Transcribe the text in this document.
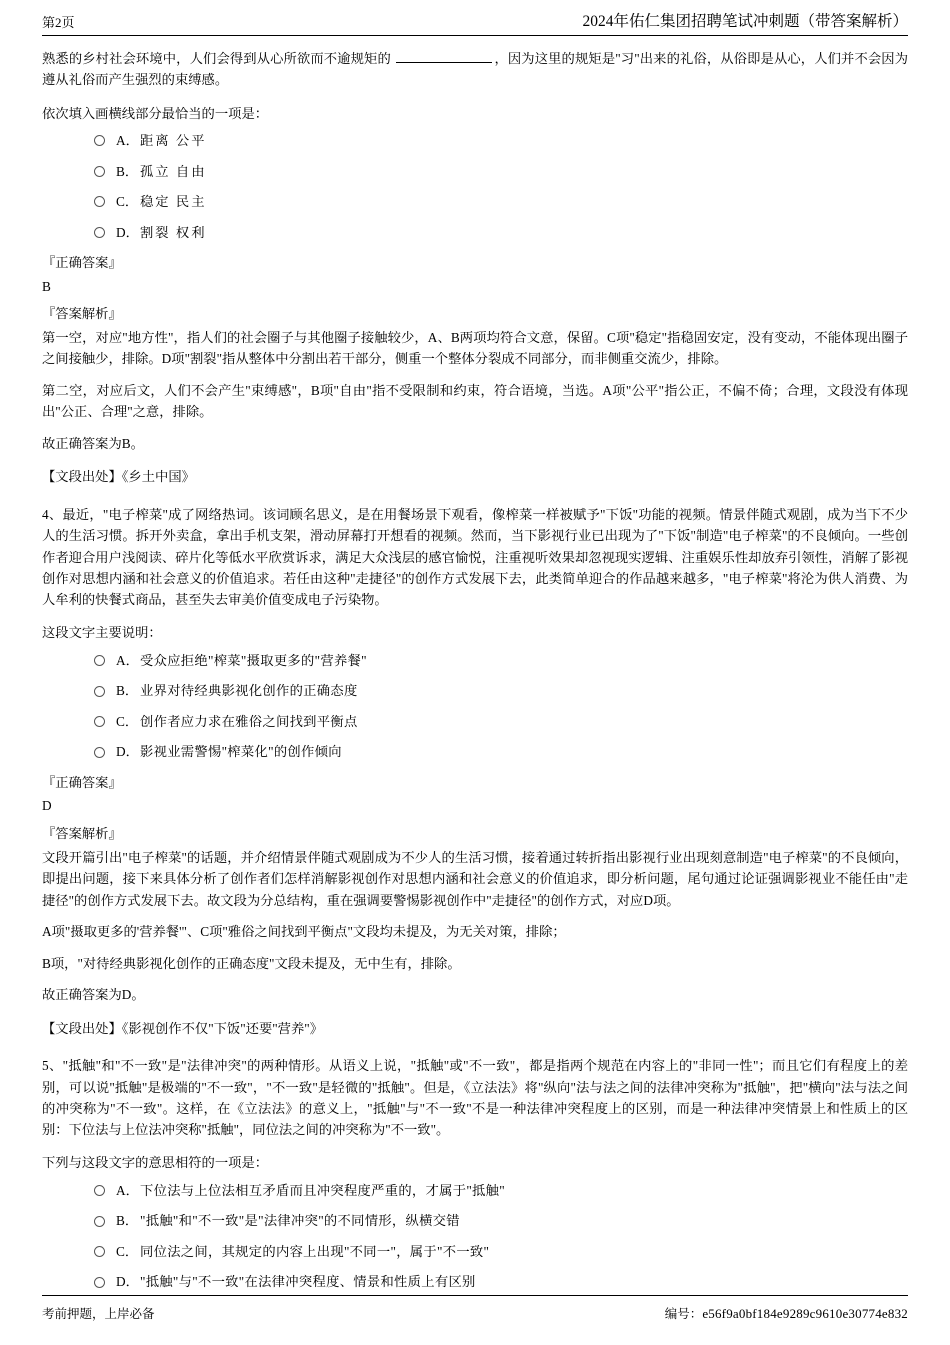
第2页	2024年佑仁集团招聘笔试冲刺题（带答案解析）

熟悉的乡村社会环境中，人们会得到从心所欲而不逾规矩的	，因为这里的规矩是"习"出来的礼俗，从俗即是从心，人们并不会因为遵从礼俗而产生强烈的束缚感。

依次填入画横线部分最恰当的一项是：

A． 距离 公平
B． 孤立 自由
C． 稳定 民主
D． 割裂 权利

『正确答案』

B

『答案解析』

第一空，对应"地方性"，指人们的社会圈子与其他圈子接触较少，A、B两项均符合文意，保留。C项"稳定"指稳固安定，没有变动，不能体现出圈子之间接触少，排除。D项"割裂"指从整体中分割出若干部分，侧重一个整体分裂成不同部分，而非侧重交流少，排除。

第二空，对应后文，人们不会产生"束缚感"，B项"自由"指不受限制和约束，符合语境，当选。A项"公平"指公正，不偏不倚；合理，文段没有体现出"公正、合理"之意，排除。

故正确答案为B。

【文段出处】《乡土中国》

4、最近，"电子榨菜"成了网络热词。该词顾名思义，是在用餐场景下观看，像榨菜一样被赋予"下饭"功能的视频。情景伴随式观剧，成为当下不少人的生活习惯。拆开外卖盒，拿出手机支架，滑动屏幕打开想看的视频。然而，当下影视行业已出现为了"下饭"制造"电子榨菜"的不良倾向。一些创作者迎合用户浅阅读、碎片化等低水平欣赏诉求，满足大众浅层的感官愉悦，注重视听效果却忽视现实逻辑、注重娱乐性却放弃引领性，消解了影视创作对思想内涵和社会意义的价值追求。若任由这种"走捷径"的创作方式发展下去，此类简单迎合的作品越来越多，"电子榨菜"将沦为供人消费、为人牟利的快餐式商品，甚至失去审美价值变成电子污染物。

这段文字主要说明：

A． 受众应拒绝"榨菜"摄取更多的"营养餐"
B． 业界对待经典影视化创作的正确态度
C． 创作者应力求在雅俗之间找到平衡点
D． 影视业需警惕"榨菜化"的创作倾向

『正确答案』

D

『答案解析』

文段开篇引出"电子榨菜"的话题，并介绍情景伴随式观剧成为不少人的生活习惯，接着通过转折指出影视行业出现刻意制造"电子榨菜"的不良倾向，即提出问题，接下来具体分析了创作者们怎样消解影视创作对思想内涵和社会意义的价值追求，即分析问题，尾句通过论证强调影视业不能任由"走捷径"的创作方式发展下去。故文段为分总结构，重在强调要警惕影视创作中"走捷径"的创作方式，对应D项。

A项"摄取更多的'营养餐'"、C项"雅俗之间找到平衡点"文段均未提及，为无关对策，排除；

B项，"对待经典影视化创作的正确态度"文段未提及，无中生有，排除。

故正确答案为D。

【文段出处】《影视创作不仅"下饭"还要"营养"》

5、"抵触"和"不一致"是"法律冲突"的两种情形。从语义上说，"抵触"或"不一致"，都是指两个规范在内容上的"非同一性"；而且它们有程度上的差别，可以说"抵触"是极端的"不一致"，"不一致"是轻微的"抵触"。但是，《立法法》将"纵向"法与法之间的法律冲突称为"抵触"，把"横向"法与法之间的冲突称为"不一致"。这样，在《立法法》的意义上，"抵触"与"不一致"不是一种法律冲突程度上的区别，而是一种法律冲突情景上和性质上的区别：下位法与上位法冲突称"抵触"，同位法之间的冲突称为"不一致"。

下列与这段文字的意思相符的一项是：

A． 下位法与上位法相互矛盾而且冲突程度严重的，才属于"抵触"
B． "抵触"和"不一致"是"法律冲突"的不同情形，纵横交错
C． 同位法之间，其规定的内容上出现"不同一"，属于"不一致"
D． "抵触"与"不一致"在法律冲突程度、情景和性质上有区别
考前押题，上岸必备	编号：e56f9a0bf184e9289c9610e30774e832
